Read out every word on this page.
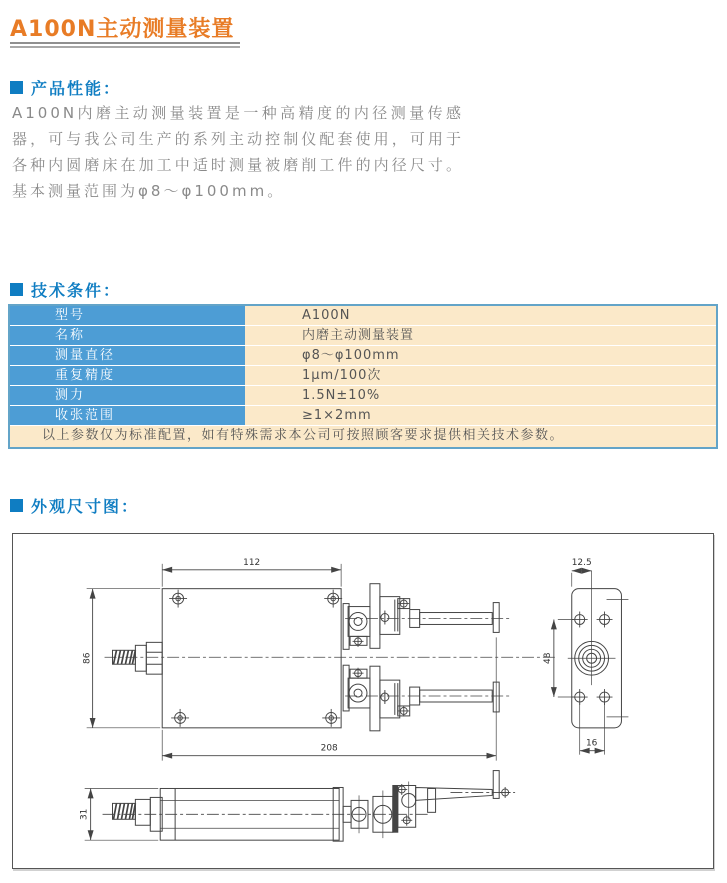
A100N主动测量装置
产品性能：

A100N内磨主动测量装置是一种高精度的内径测量传感器，可与我公司生产的系列主动控制仪配套使用，可用于各种内圆磨床在加工中适时测量被磨削工件的内径尺寸。基本测量范围为φ8～φ100mm。

技术条件：
型号	A100N
名称	内磨主动测量装置
测量直径	φ8～φ100mm
重复精度	1μm/100次
测力	1.5N±10%
收张范围	≥1×2mm
以上参数仅为标准配置，如有特殊需求本公司可按照顾客要求提供相关技术参数。
外观尺寸图：
112
86
208
12.5
48
16
31
